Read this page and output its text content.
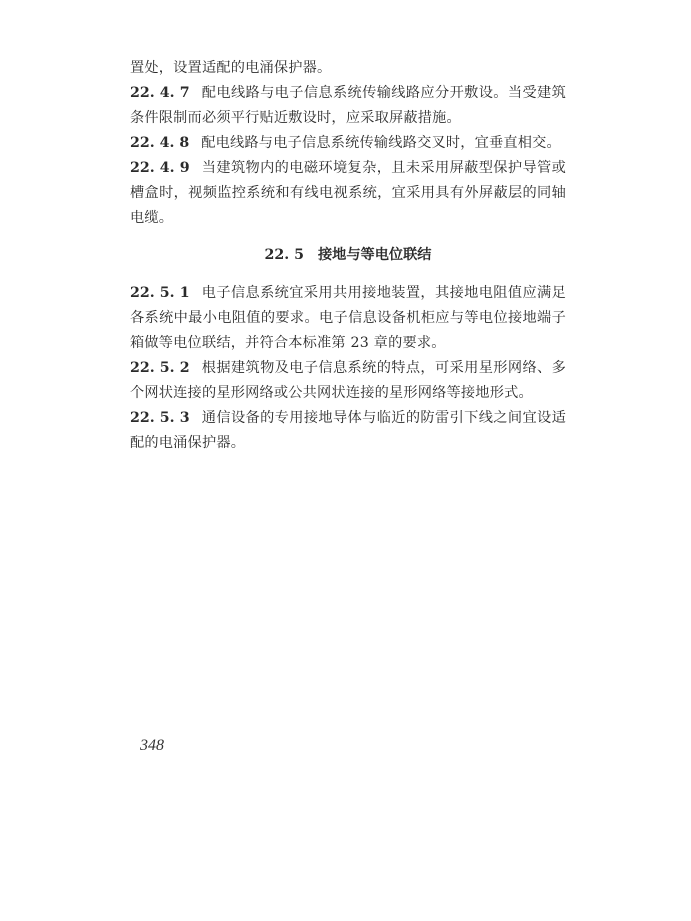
置处，设置适配的电涌保护器。

22. 4. 7 配电线路与电子信息系统传输线路应分开敷设。当受建筑条件限制而必须平行贴近敷设时，应采取屏蔽措施。

22. 4. 8 配电线路与电子信息系统传输线路交叉时，宜垂直相交。

22. 4. 9 当建筑物内的电磁环境复杂，且未采用屏蔽型保护导管或槽盒时，视频监控系统和有线电视系统，宜采用具有外屏蔽层的同轴电缆。

22. 5 接地与等电位联结

22. 5. 1 电子信息系统宜采用共用接地装置，其接地电阻值应满足各系统中最小电阻值的要求。电子信息设备机柜应与等电位接地端子箱做等电位联结，并符合本标准第 23 章的要求。

22. 5. 2 根据建筑物及电子信息系统的特点，可采用星形网络、多个网状连接的星形网络或公共网状连接的星形网络等接地形式。

22. 5. 3 通信设备的专用接地导体与临近的防雷引下线之间宜设适配的电涌保护器。

348
